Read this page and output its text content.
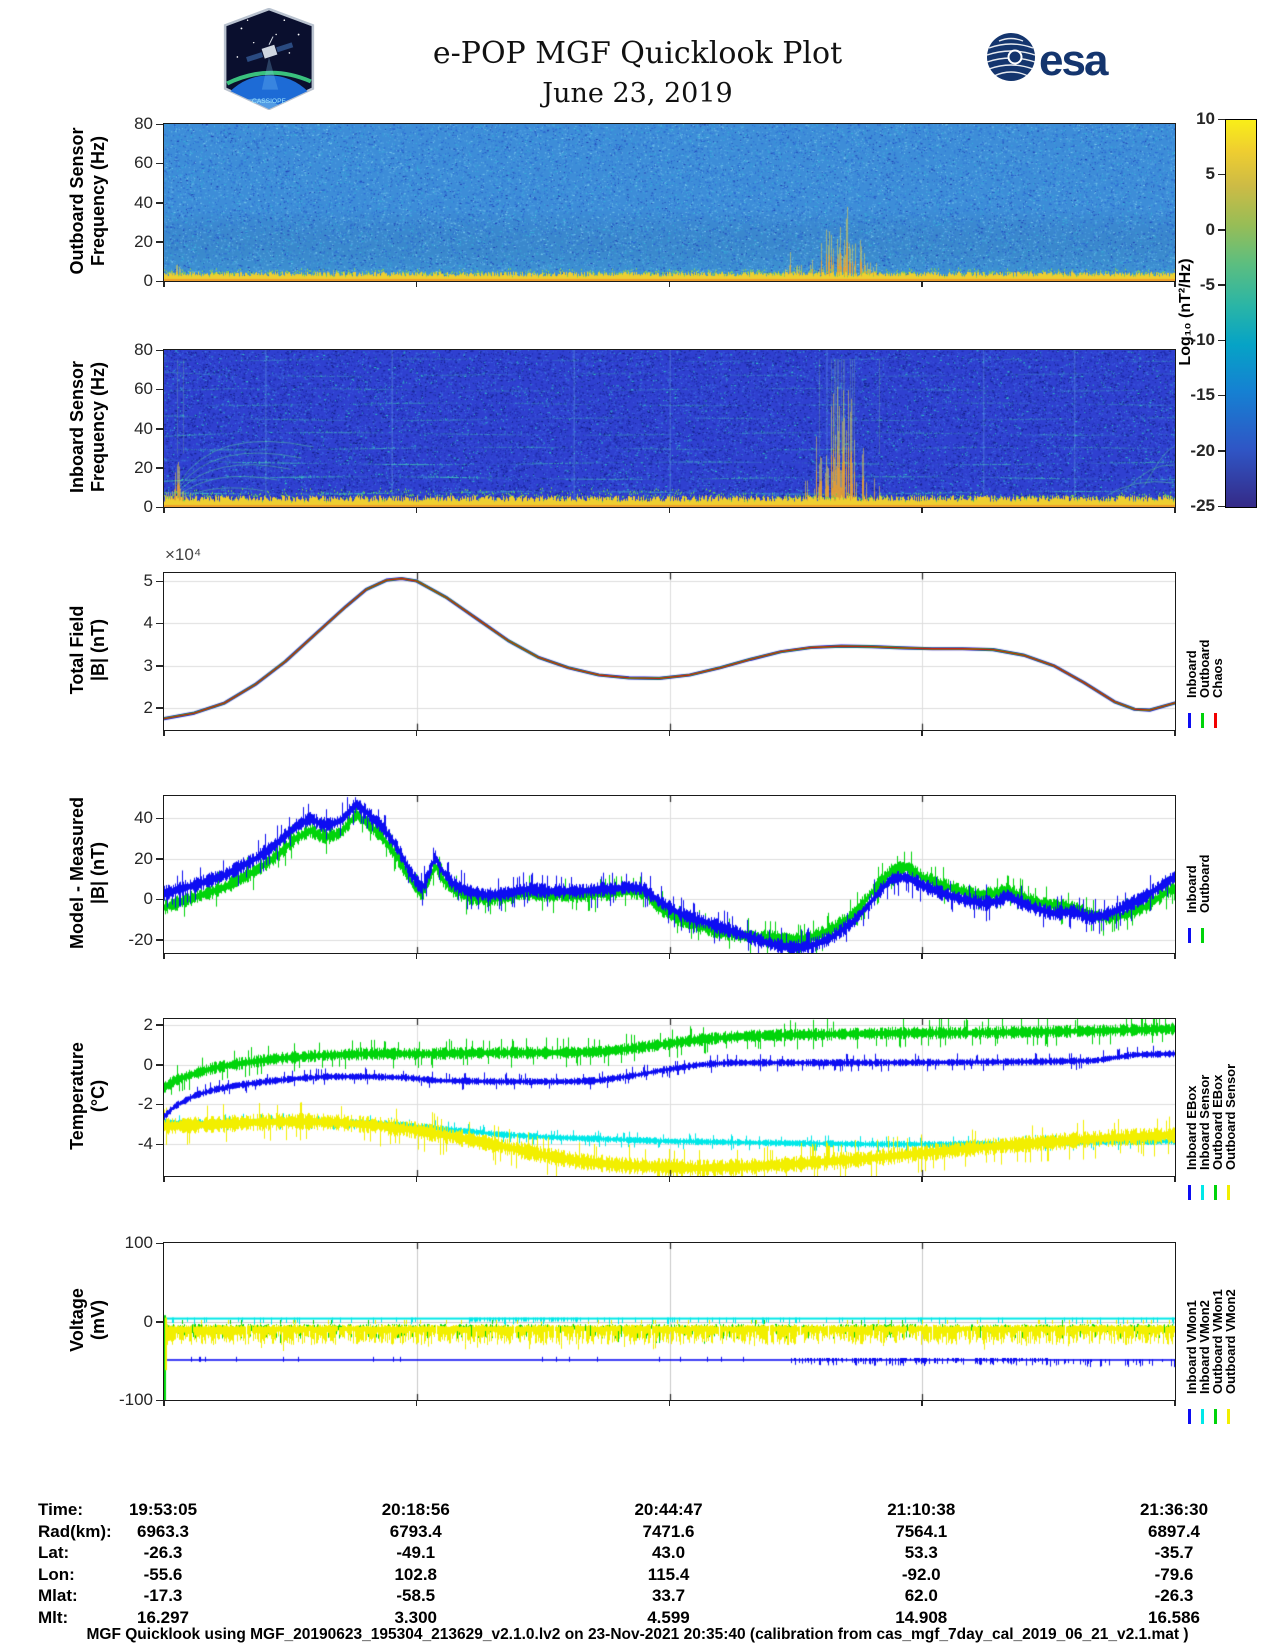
CASSIOPE
e-POP MGF Quicklook Plot
June 23, 2019
esa
Outboard Sensor Frequency (Hz)
Inboard Sensor Frequency (Hz)
Total Field |B| (nT)
Model - Measured |B| (nT)
Temperature (°C)
Voltage (mV)
×10⁴
Log₁₀ (nT²/Hz)
MGF Quicklook using MGF_20190623_195304_213629_v2.1.0.lv2 on 23-Nov-2021 20:35:40 (calibration from cas_mgf_7day_cal_2019_06_21_v2.1.mat )
0
20
40
60
80
0
20
40
60
80
2
3
4
5
Inboard
Outboard
Chaos
-20
0
20
40
Inboard
Outboard
-4
-2
0
2
Inboard EBox
Inboard Sensor
Outboard EBox
Outboard Sensor
-100
0
100
Inboard VMon1
Inboard VMon2
Outboard VMon1
Outboard VMon2
10
5
0
-5
-10
-15
-20
-25
Time:	19:53:05	20:18:56	20:44:47	21:10:38	21:36:30
Rad(km):	6963.3	6793.4	7471.6	7564.1	6897.4
Lat:	-26.3	-49.1	43.0	53.3	-35.7
Lon:	-55.6	102.8	115.4	-92.0	-79.6
Mlat:	-17.3	-58.5	33.7	62.0	-26.3
Mlt:	16.297	3.300	4.599	14.908	16.586
